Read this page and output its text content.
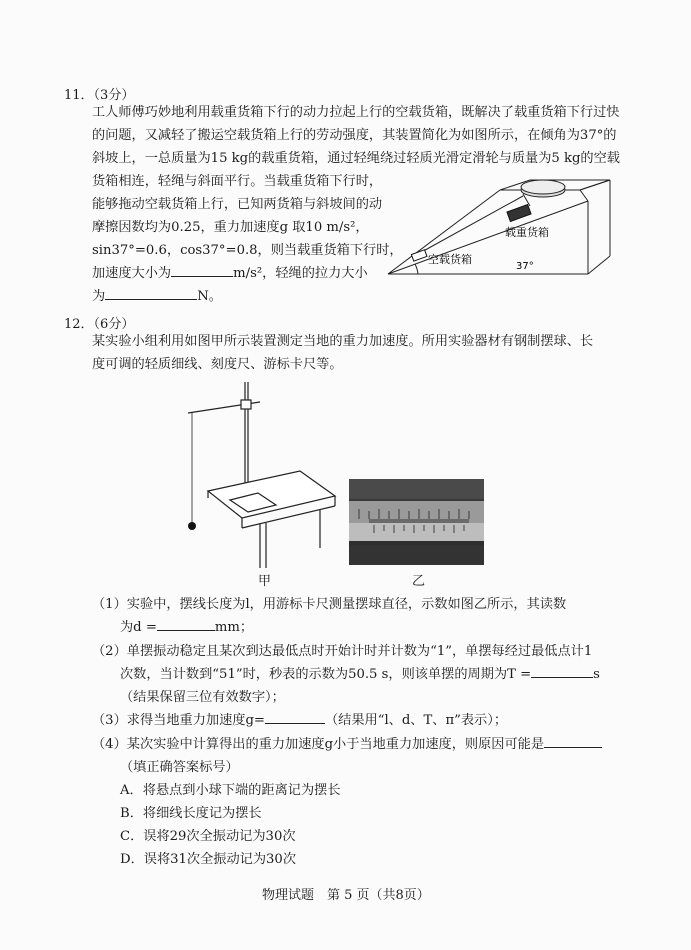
11．（3分）
工人师傅巧妙地利用载重货箱下行的动力拉起上行的空载货箱，既解决了载重货箱下行过快
的问题，又减轻了搬运空载货箱上行的劳动强度，其装置简化为如图所示，在倾角为37°的
斜坡上，一总质量为15 kg的载重货箱，通过轻绳绕过轻质光滑定滑轮与质量为5 kg的空载
货箱相连，轻绳与斜面平行。当载重货箱下行时，
能够拖动空载货箱上行，已知两货箱与斜坡间的动
摩擦因数均为0.25，重力加速度g 取10 m/s²，
sin37°=0.6，cos37°=0.8，则当载重货箱下行时，
加速度大小为	m/s²，轻绳的拉力大小
为	N。
载重货箱
空载货箱
37°
12．（6分）
某实验小组利用如图甲所示装置测定当地的重力加速度。所用实验器材有钢制摆球、长
度可调的轻质细线、刻度尺、游标卡尺等。
甲	乙
（1）实验中，摆线长度为l，用游标卡尺测量摆球直径，示数如图乙所示，其读数
为d =	mm；
（2）单摆振动稳定且某次到达最低点时开始计时并计数为“1”，单摆每经过最低点计1
次数，当计数到“51”时，秒表的示数为50.5 s，则该单摆的周期为T =	s
（结果保留三位有效数字）；
（3）求得当地重力加速度g=	（结果用“l、d、T、π”表示）；
（4）某次实验中计算得出的重力加速度g小于当地重力加速度，则原因可能是
（填正确答案标号）
A．将悬点到小球下端的距离记为摆长
B．将细线长度记为摆长
C．误将29次全振动记为30次
D．误将31次全振动记为30次
物理试题　第 5 页（共8页）
